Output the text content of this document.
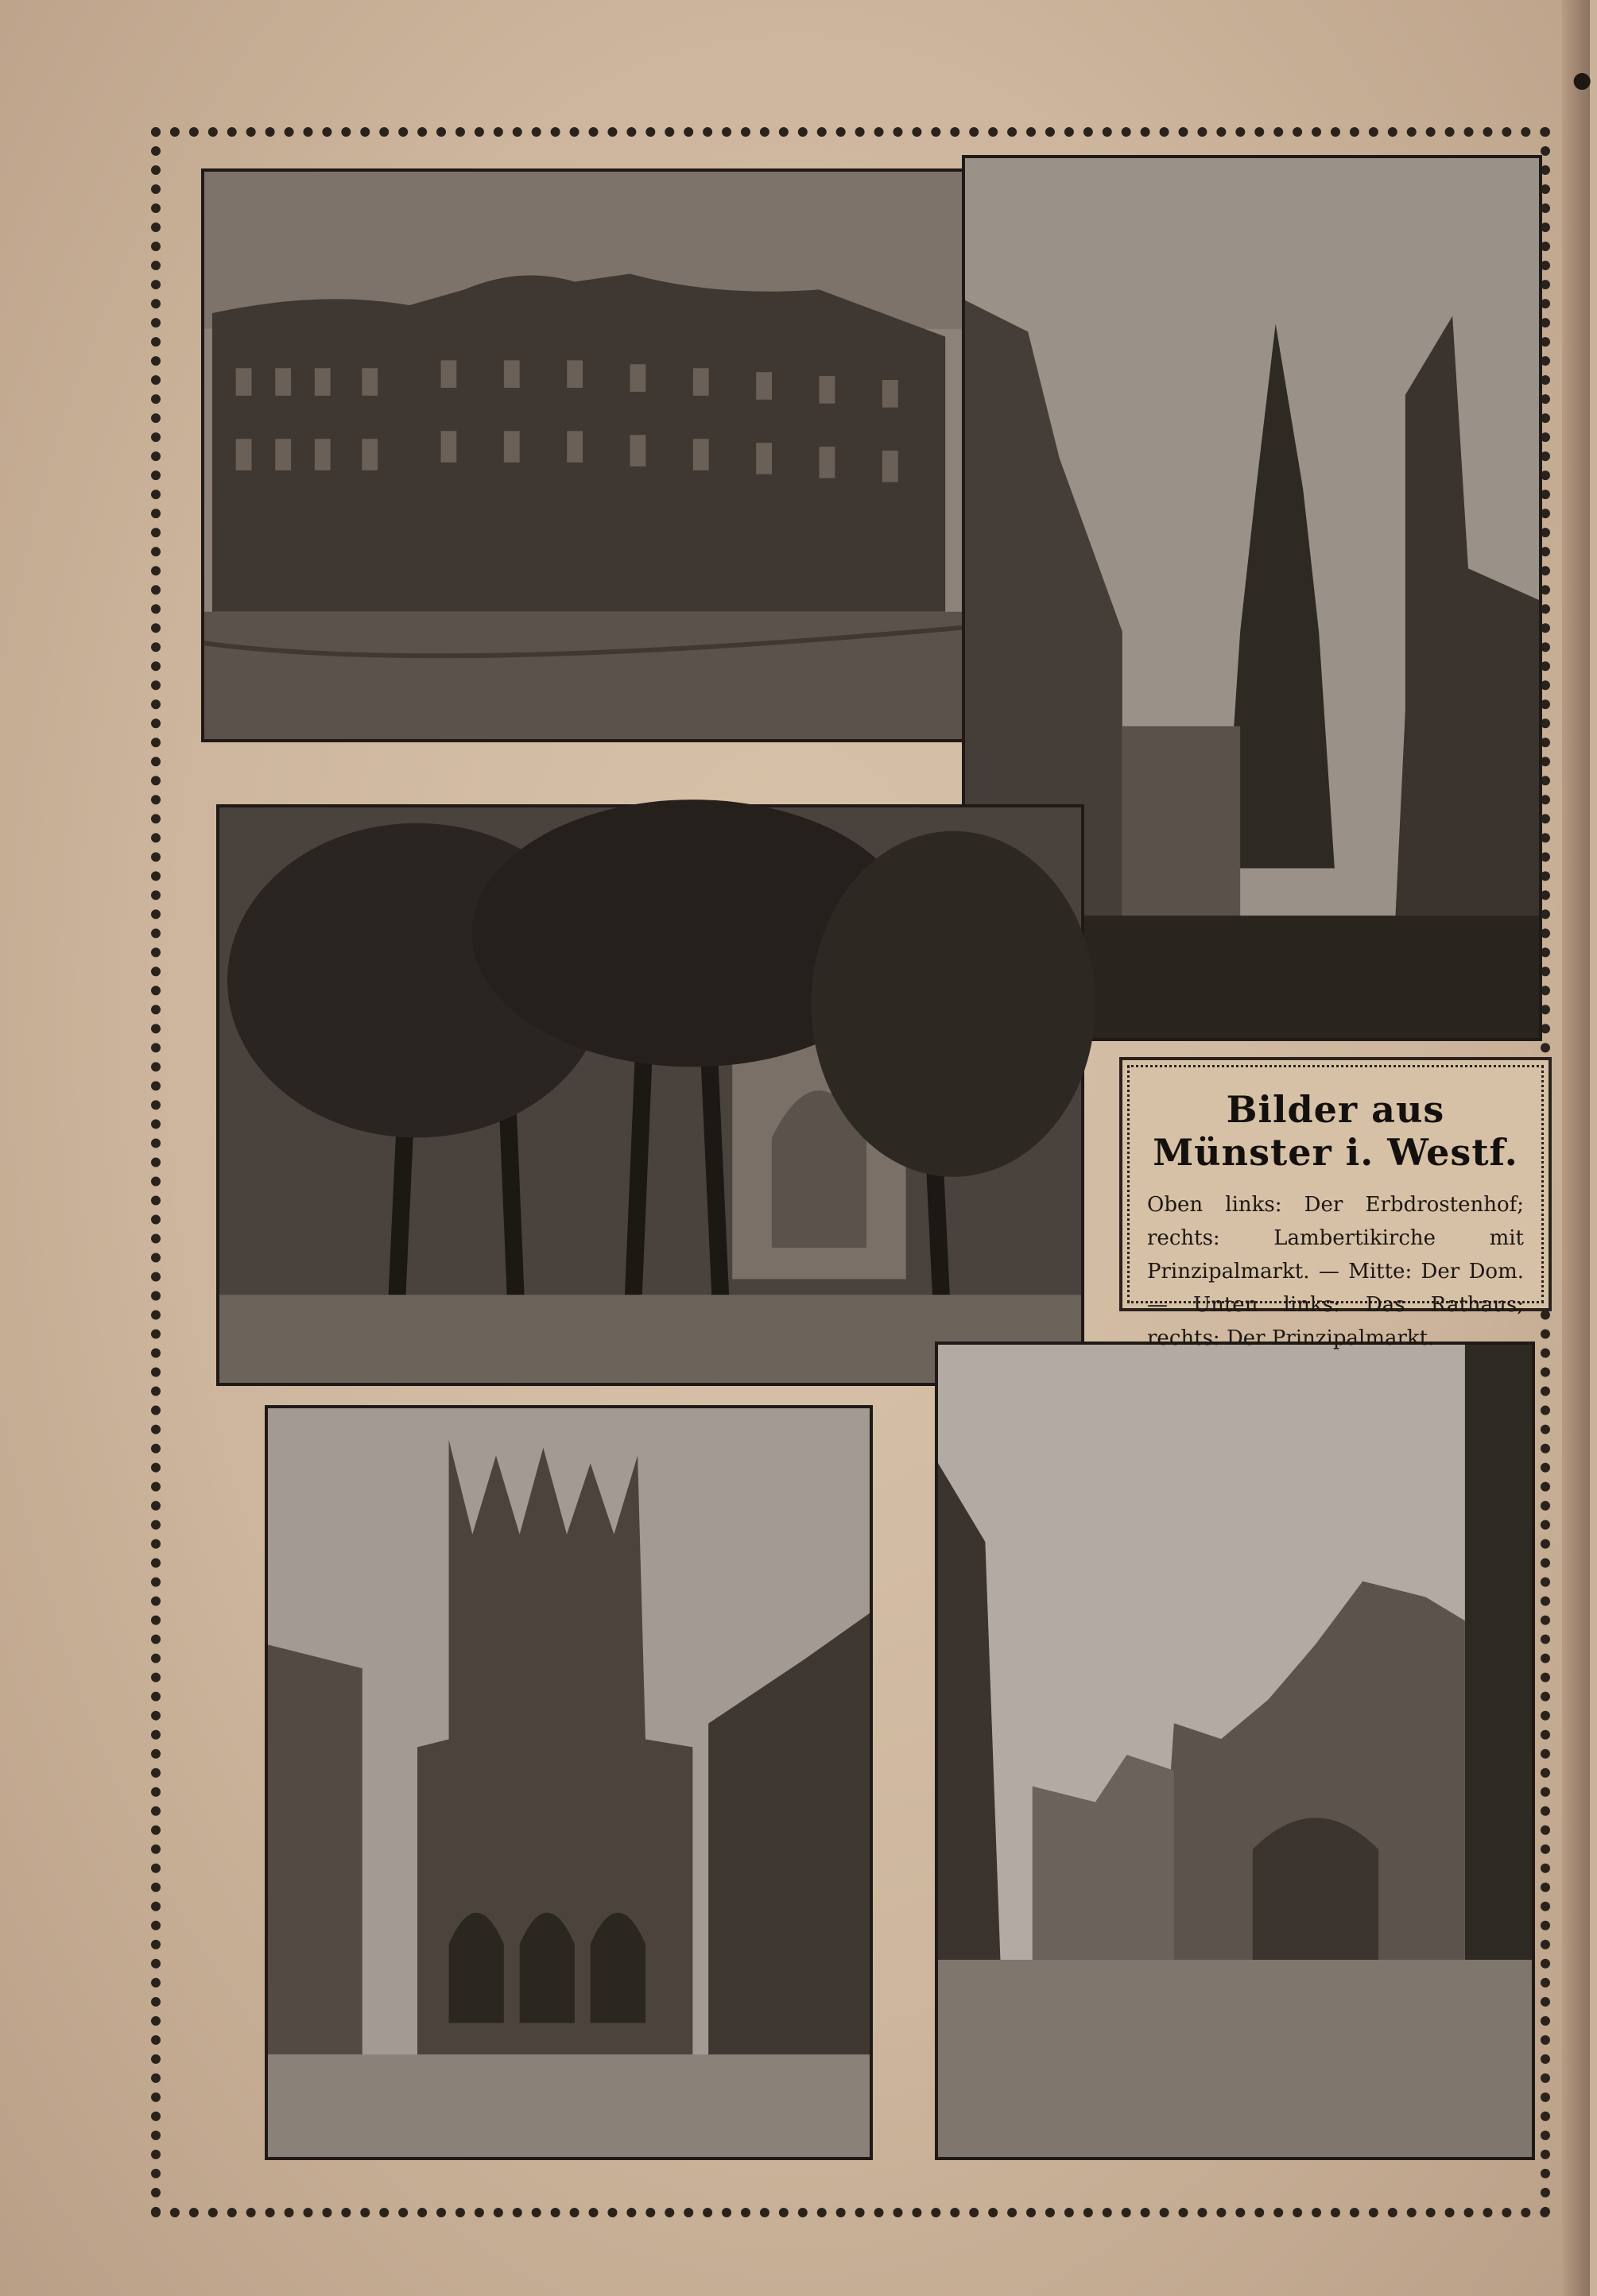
•
Bilder aus Münster i. Westf.
Oben links: Der Erbdrostenhof; rechts: Lambertikirche mit Prinzipalmarkt. — Mitte: Der Dom. — Unten links: Das Rathaus; rechts: Der Prinzipalmarkt.
